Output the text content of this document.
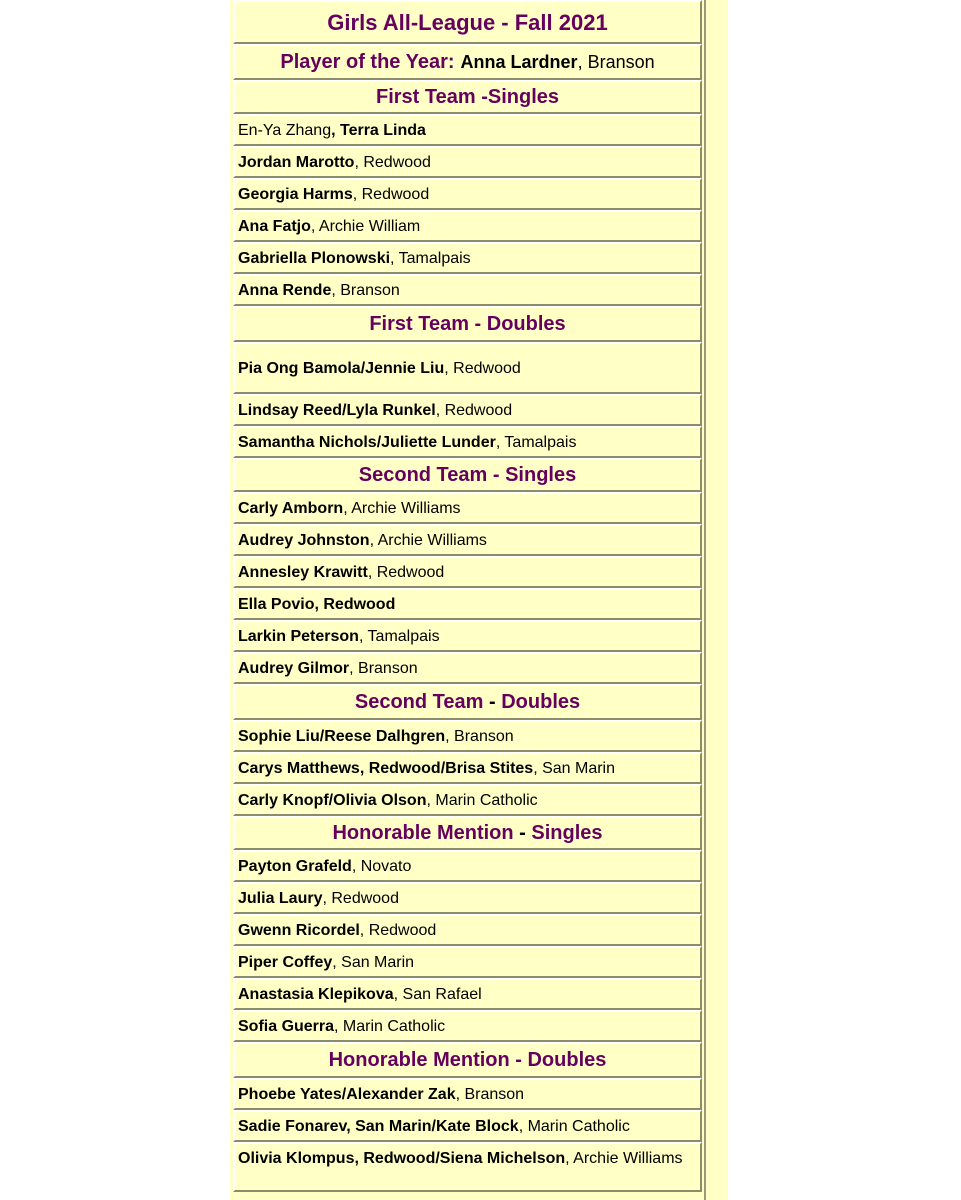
Girls All-League - Fall 2021
Player of the Year: Anna Lardner , Branson
First Team -Singles
En-Ya Zhang, Terra Linda
Jordan Marotto, Redwood
Georgia Harms, Redwood
Ana Fatjo, Archie William
Gabriella Plonowski, Tamalpais
Anna Rende, Branson
First Team - Doubles
Pia Ong Bamola/Jennie Liu, Redwood
Lindsay Reed/Lyla Runkel, Redwood
Samantha Nichols/Juliette Lunder, Tamalpais
Second Team - Singles
Carly Amborn, Archie Williams
Audrey Johnston, Archie Williams
Annesley Krawitt, Redwood
Ella Povio, Redwood
Larkin Peterson, Tamalpais
Audrey Gilmor, Branson
Second Team - Doubles
Sophie Liu/Reese Dalhgren, Branson
Carys Matthews, Redwood/Brisa Stites, San Marin
Carly Knopf/Olivia Olson, Marin Catholic
Honorable Mention - Singles
Payton Grafeld, Novato
Julia Laury, Redwood
Gwenn Ricordel, Redwood
Piper Coffey, San Marin
Anastasia Klepikova, San Rafael
Sofia Guerra, Marin Catholic
Honorable Mention - Doubles
Phoebe Yates/Alexander Zak, Branson
Sadie Fonarev, San Marin/Kate Block, Marin Catholic
Olivia Klompus, Redwood/Siena Michelson, Archie Williams
